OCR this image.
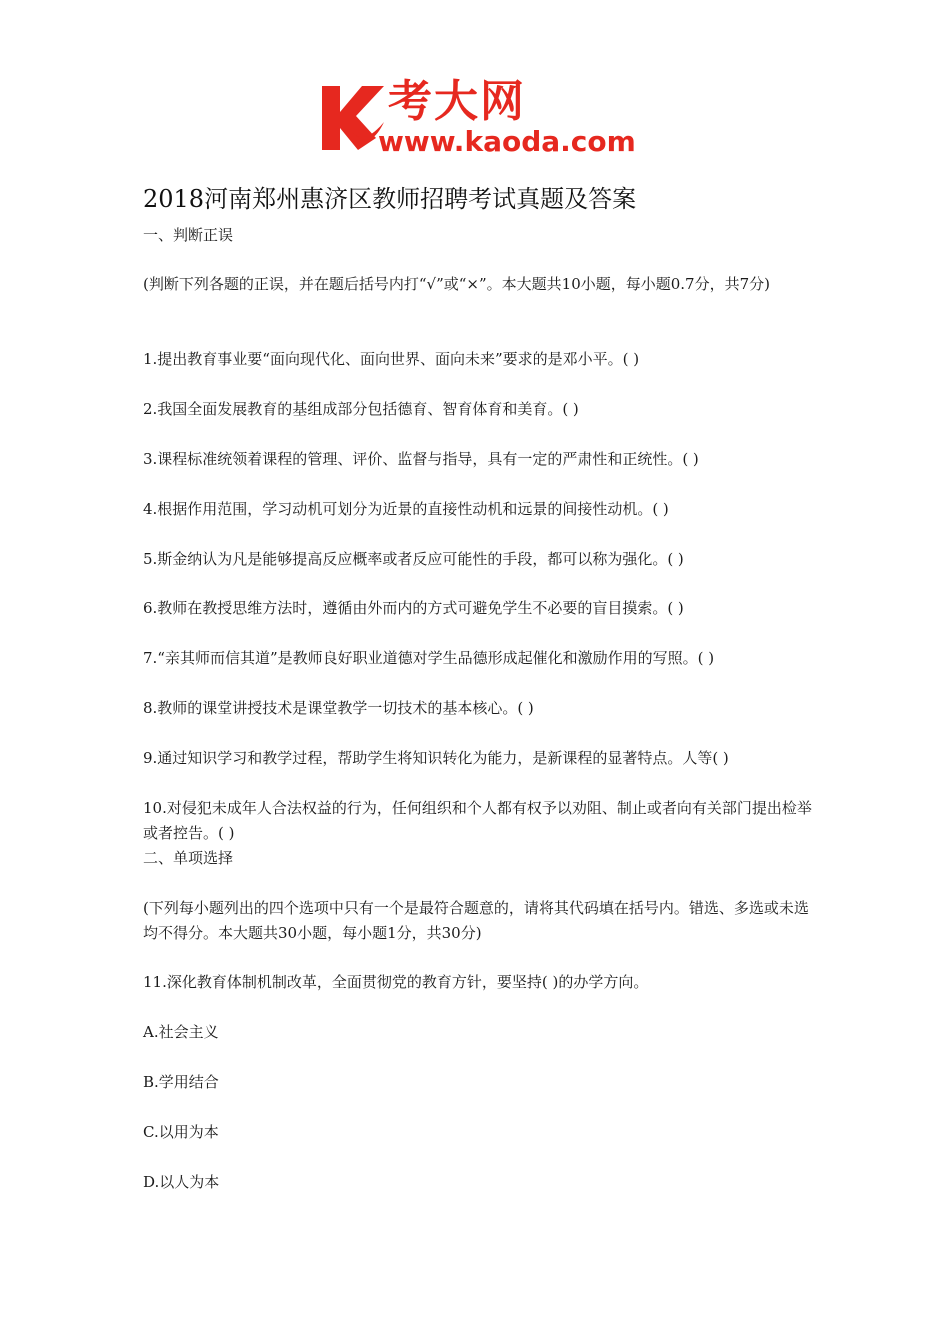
考大网
www.kaoda.com
2018河南郑州惠济区教师招聘考试真题及答案
一、判断正误
(判断下列各题的正误，并在题后括号内打“√”或“×”。本大题共10小题，每小题0.7分，共7分)
1.提出教育事业要“面向现代化、面向世界、面向未来”要求的是邓小平。( )
2.我国全面发展教育的基组成部分包括德育、智育体育和美育。( )
3.课程标准统领着课程的管理、评价、监督与指导，具有一定的严肃性和正统性。( )
4.根据作用范围，学习动机可划分为近景的直接性动机和远景的间接性动机。( )
5.斯金纳认为凡是能够提高反应概率或者反应可能性的手段，都可以称为强化。( )
6.教师在教授思维方法时，遵循由外而内的方式可避免学生不必要的盲目摸索。( )
7.“亲其师而信其道”是教师良好职业道德对学生品德形成起催化和激励作用的写照。( )
8.教师的课堂讲授技术是课堂教学一切技术的基本核心。( )
9.通过知识学习和教学过程，帮助学生将知识转化为能力，是新课程的显著特点。人等( )
10.对侵犯未成年人合法权益的行为，任何组织和个人都有权予以劝阻、制止或者向有关部门提出检举或者控告。( )
二、单项选择
(下列每小题列出的四个选项中只有一个是最符合题意的，请将其代码填在括号内。错选、多选或未选均不得分。本大题共30小题，每小题1分，共30分)
11.深化教育体制机制改革，全面贯彻党的教育方针，要坚持( )的办学方向。
A.社会主义
B.学用结合
C.以用为本
D.以人为本
